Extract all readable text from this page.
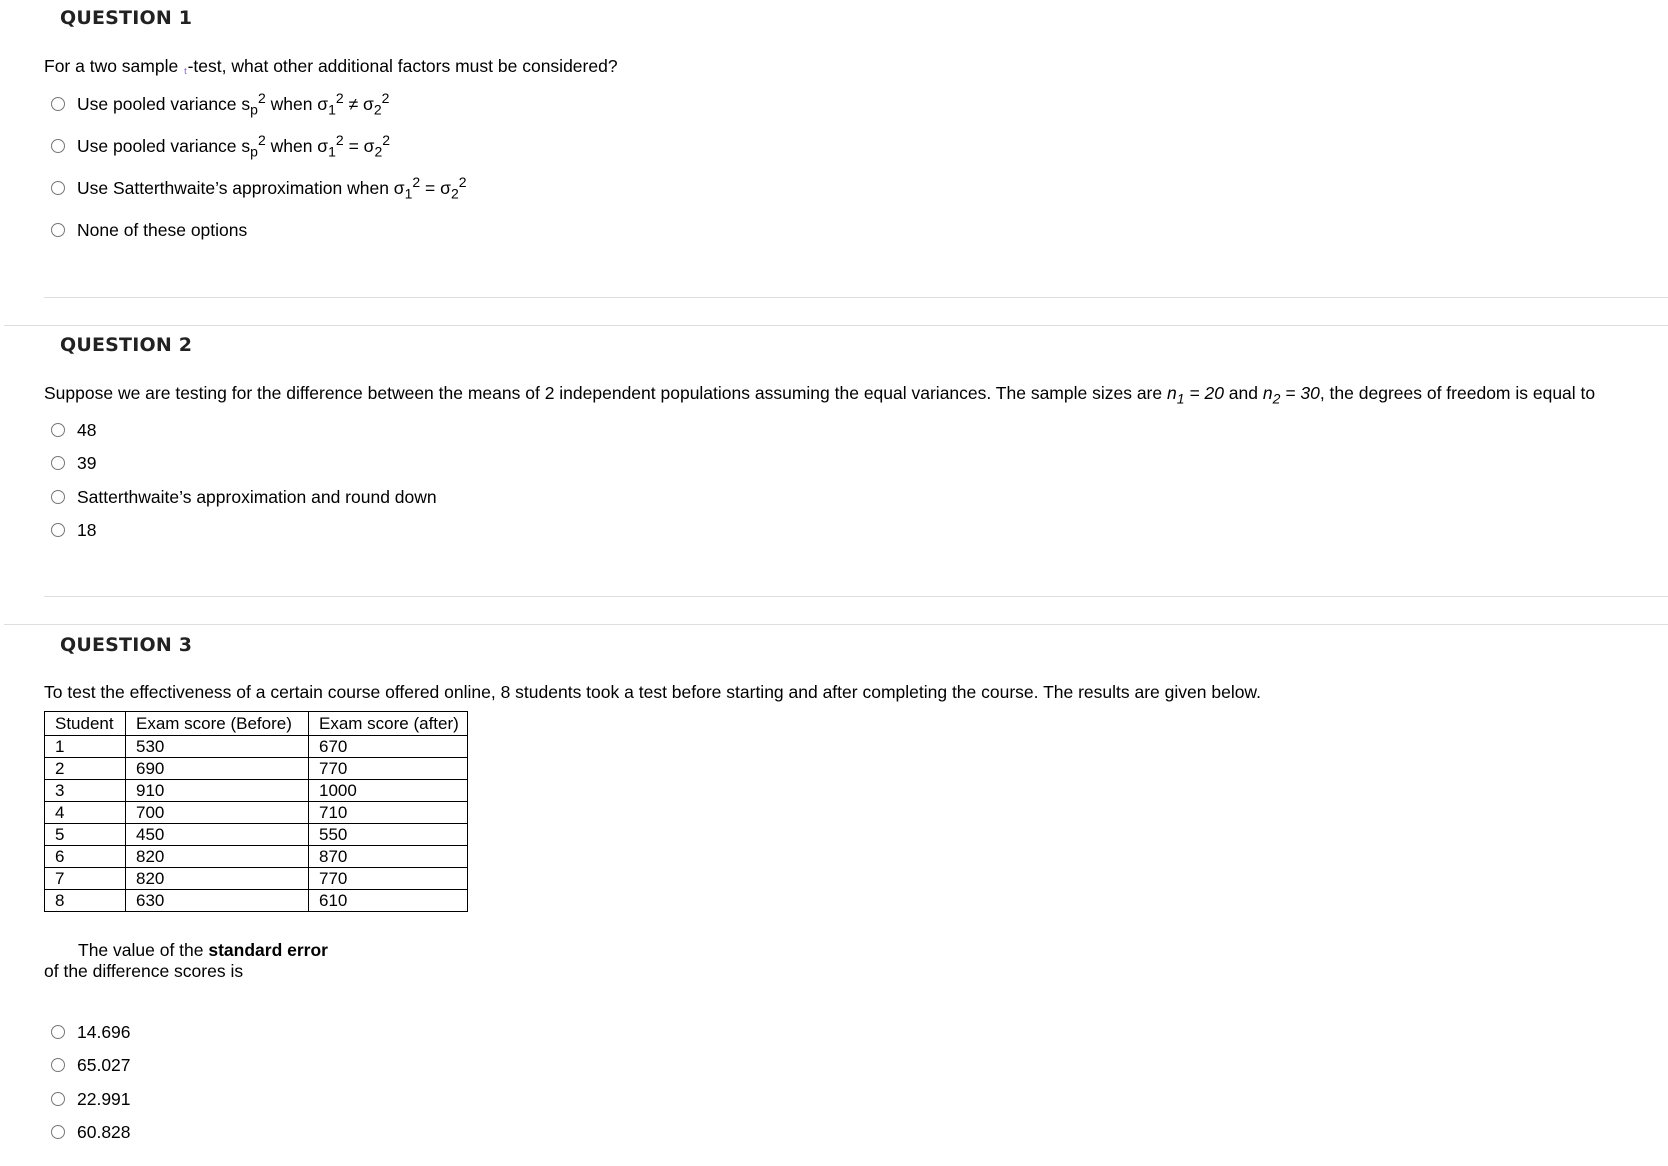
QUESTION 1
For a two sample t-test, what other additional factors must be considered?
Use pooled variance $s_p^2$ when $\sigma_1^2 \ne \sigma_2^2$
Use pooled variance $s_p^2$ when $\sigma_1^2 = \sigma_2^2$
Use Satterthwaite’s approximation when $\sigma_1^2 = \sigma_2^2$
None of these options
QUESTION 2
Suppose we are testing for the difference between the means of 2 independent populations assuming the equal variances. The sample sizes are $n_1 = 20$ and $n_2 = 30$, the degrees of freedom is equal to
48
39
Satterthwaite’s approximation and round down
18
QUESTION 3
To test the effectiveness of a certain course offered online, 8 students took a test before starting and after completing the course. The results are given below.
Student	Exam score (Before)	Exam score (after)
1	530	670
2	690	770
3	910	1000
4	700	710
5	450	550
6	820	870
7	820	770
8	630	610
The value of the standard error
of the difference scores is
14.696
65.027
22.991
60.828
